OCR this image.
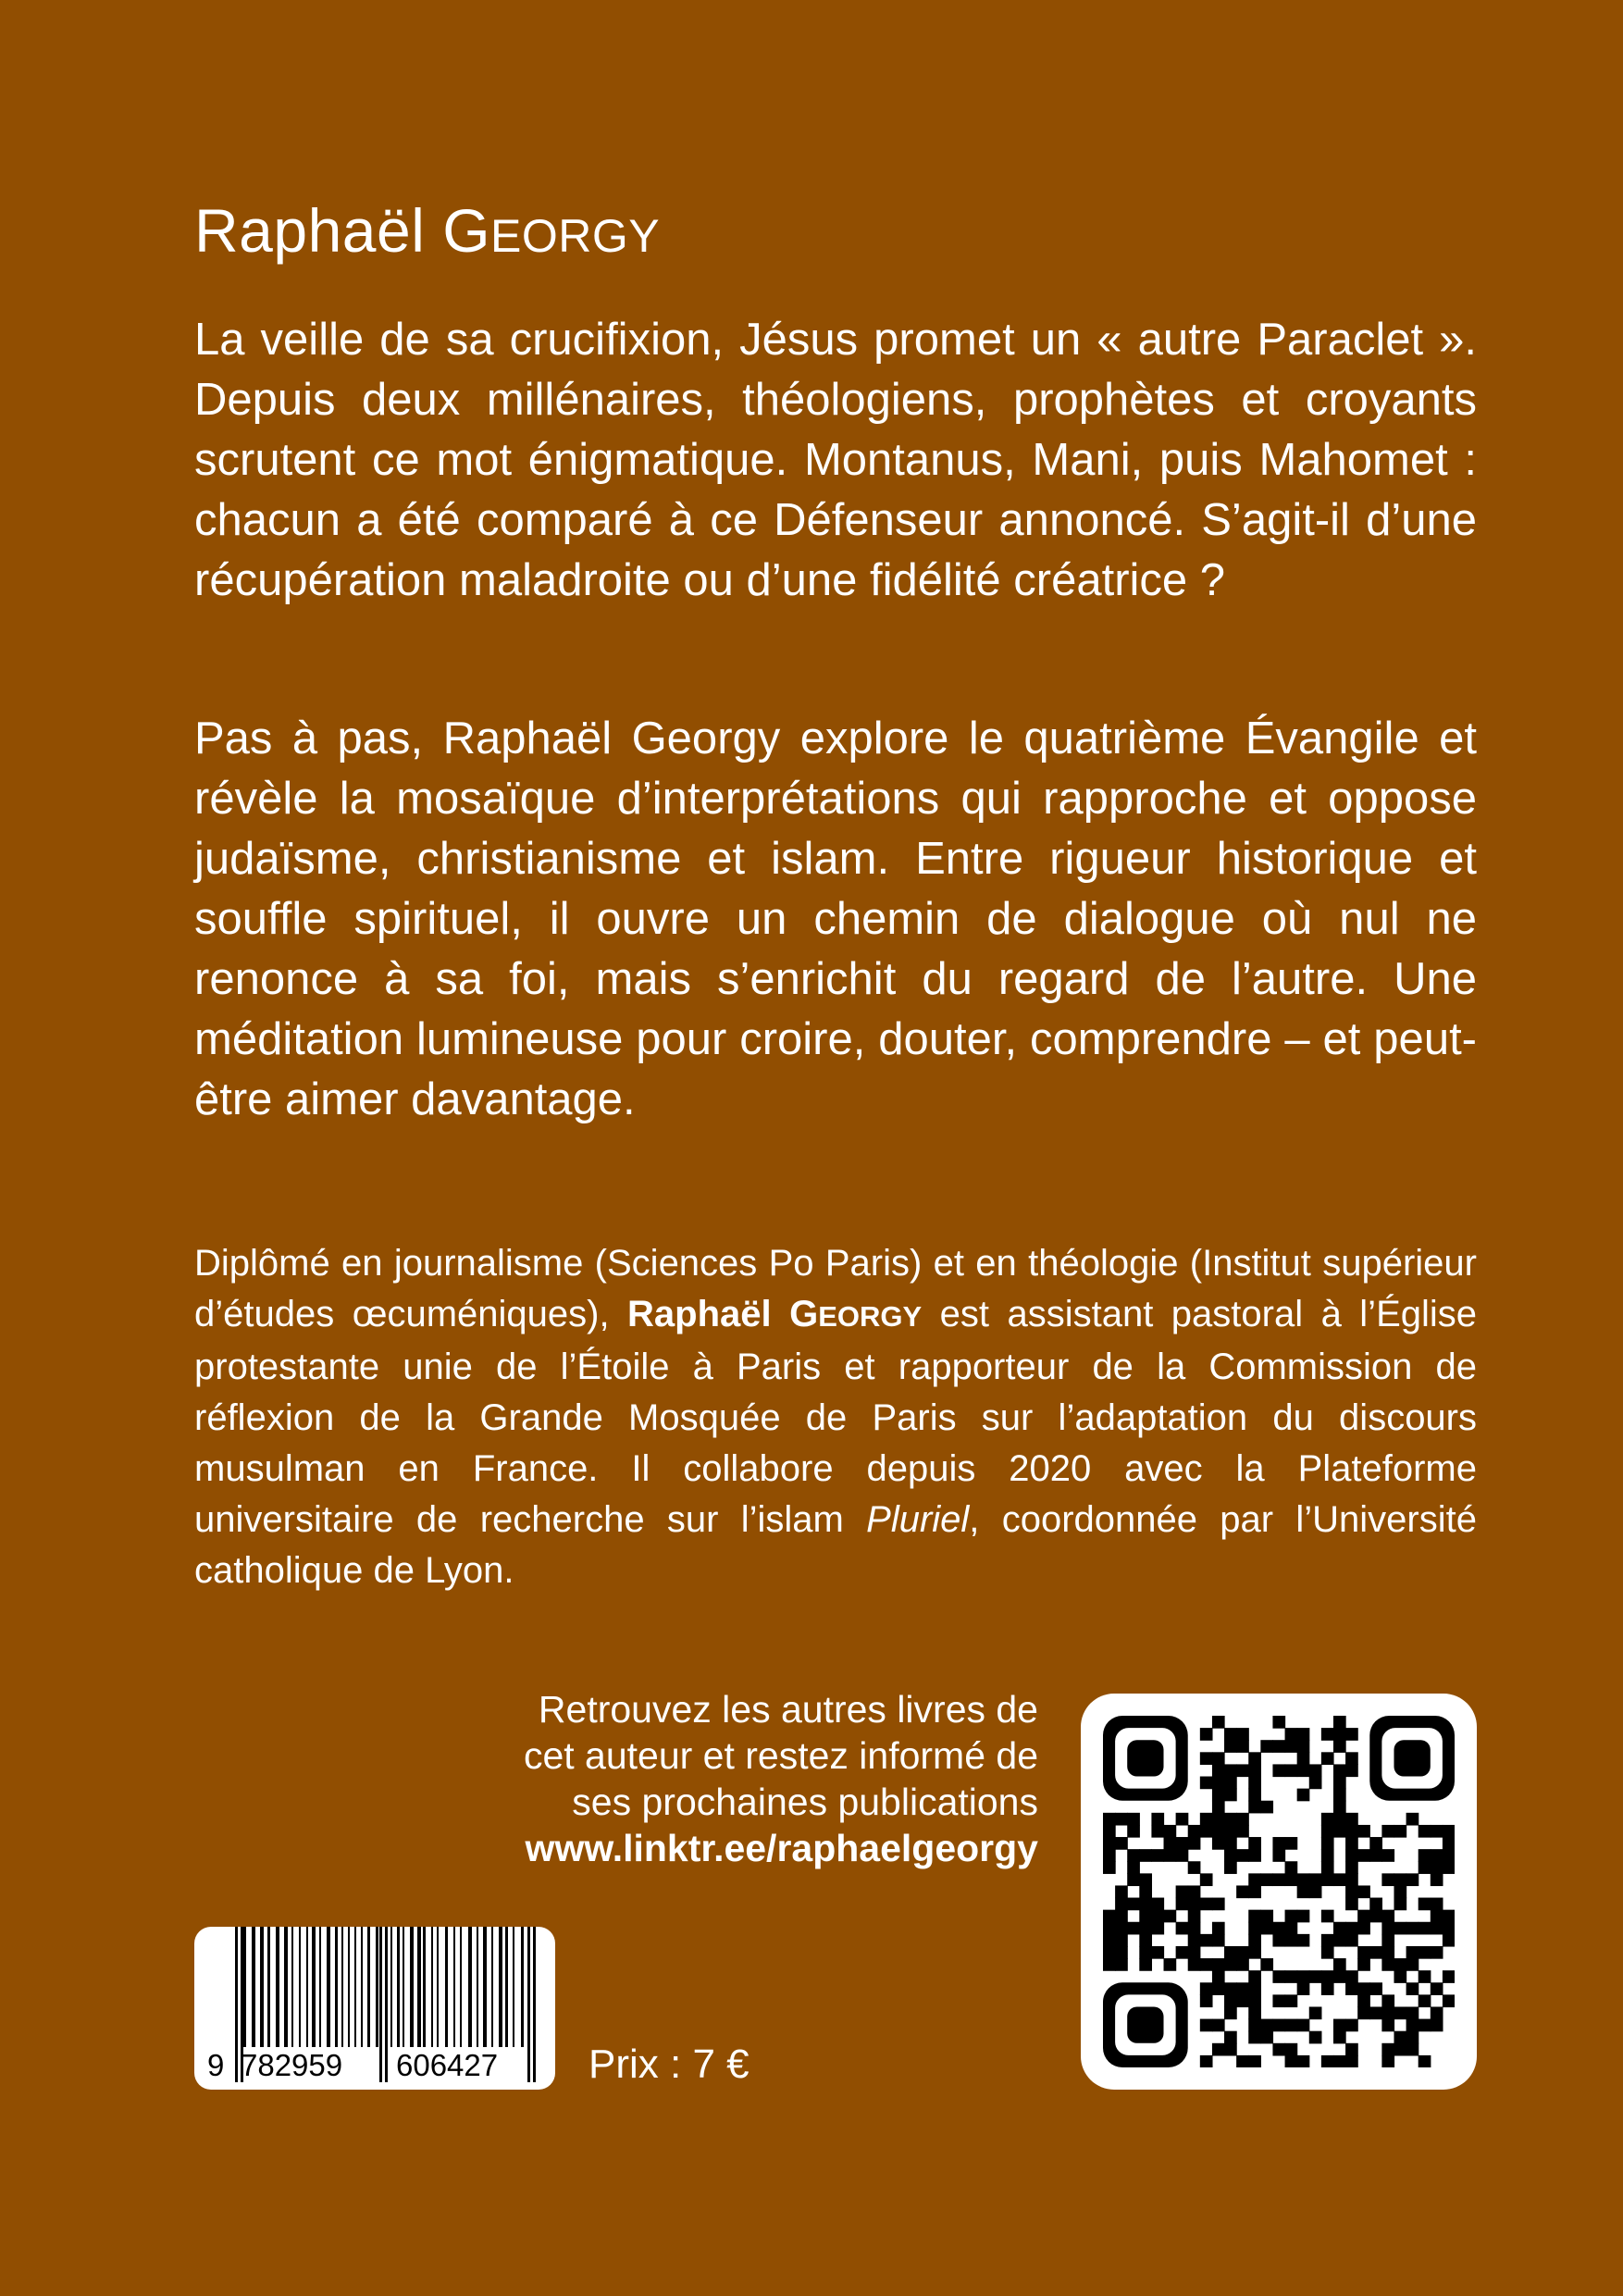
Raphaël GEORGY

La veille de sa crucifixion, Jésus promet un « autre Paraclet ». Depuis deux millénaires, théologiens, prophètes et croyants scrutent ce mot énigmatique. Montanus, Mani, puis Mahomet : chacun a été comparé à ce Défenseur annoncé. S’agit-il d’une récupération maladroite ou d’une fidélité créatrice ?

Pas à pas, Raphaël Georgy explore le quatrième Évangile et révèle la mosaïque d’interprétations qui rapproche et oppose judaïsme, christianisme et islam. Entre rigueur historique et souffle spirituel, il ouvre un chemin de dialogue où nul ne renonce à sa foi, mais s’enrichit du regard de l’autre. Une méditation lumineuse pour croire, douter, comprendre – et peut-être aimer davantage.

Diplômé en journalisme (Sciences Po Paris) et en théologie (Institut supérieur d’études œcuméniques), Raphaël GEORGY est assistant pastoral à l’Église protestante unie de l’Étoile à Paris et rapporteur de la Commission de réflexion de la Grande Mosquée de Paris sur l’adaptation du discours musulman en France. Il collabore depuis 2020 avec la Plateforme universitaire de recherche sur l’islam Pluriel, coordonnée par l’Université catholique de Lyon.

Retrouvez les autres livres de
cet auteur et restez informé de
ses prochaines publications
www.linktr.ee/raphaelgeorgy

9 782959 606427 Prix : 7 €
